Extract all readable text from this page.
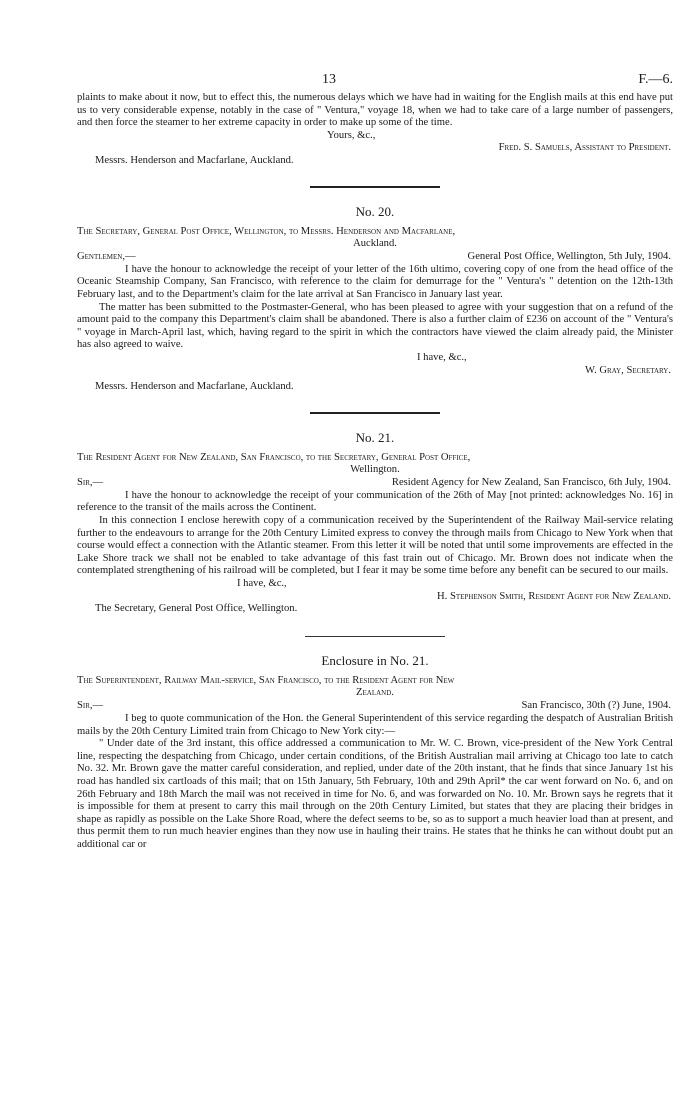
13	F.—6.

plaints to make about it now, but to effect this, the numerous delays which we have had in waiting for the English mails at this end have put us to very considerable expense, notably in the case of " Ventura," voyage 18, when we had to take care of a large number of passengers, and then force the steamer to her extreme capacity in order to make up some of the time.

Yours, &c.,

Fred. S. Samuels, Assistant to President.

Messrs. Henderson and Macfarlane, Auckland.

No. 20.

The Secretary, General Post Office, Wellington, to Messrs. Henderson and Macfarlane,

Auckland.

Gentlemen,—	General Post Office, Wellington, 5th July, 1904.

I have the honour to acknowledge the receipt of your letter of the 16th ultimo, covering copy of one from the head office of the Oceanic Steamship Company, San Francisco, with reference to the claim for demurrage for the " Ventura's " detention on the 12th-13th February last, and to the Department's claim for the late arrival at San Francisco in January last year.

The matter has been submitted to the Postmaster-General, who has been pleased to agree with your suggestion that on a refund of the amount paid to the company this Department's claim shall be abandoned. There is also a further claim of £236 on account of the " Ventura's " voyage in March-April last, which, having regard to the spirit in which the contractors have viewed the claim already paid, the Minister has also agreed to waive.

I have, &c.,

W. Gray, Secretary.

Messrs. Henderson and Macfarlane, Auckland.

No. 21.

The Resident Agent for New Zealand, San Francisco, to the Secretary, General Post Office,

Wellington.

Sir,—	Resident Agency for New Zealand, San Francisco, 6th July, 1904.

I have the honour to acknowledge the receipt of your communication of the 26th of May [not printed: acknowledges No. 16] in reference to the transit of the mails across the Continent.

In this connection I enclose herewith copy of a communication received by the Superintendent of the Railway Mail-service relating further to the endeavours to arrange for the 20th Century Limited express to convey the through mails from Chicago to New York when that course would effect a connection with the Atlantic steamer. From this letter it will be noted that until some improvements are effected in the Lake Shore track we shall not be enabled to take advantage of this fast train out of Chicago. Mr. Brown does not indicate when the contemplated strengthening of his railroad will be completed, but I fear it may be some time before any benefit can be secured to our mails.

I have, &c.,

H. Stephenson Smith, Resident Agent for New Zealand.

The Secretary, General Post Office, Wellington.

Enclosure in No. 21.

The Superintendent, Railway Mail-service, San Francisco, to the Resident Agent for New

Zealand.

Sir,—	San Francisco, 30th (?) June, 1904.

I beg to quote communication of the Hon. the General Superintendent of this service regarding the despatch of Australian British mails by the 20th Century Limited train from Chicago to New York city:—

" Under date of the 3rd instant, this office addressed a communication to Mr. W. C. Brown, vice-president of the New York Central line, respecting the despatching from Chicago, under certain conditions, of the British Australian mail arriving at Chicago too late to catch No. 32. Mr. Brown gave the matter careful consideration, and replied, under date of the 20th instant, that he finds that since January 1st his road has handled six cartloads of this mail; that on 15th January, 5th February, 10th and 29th April* the car went forward on No. 6, and on 26th February and 18th March the mail was not received in time for No. 6, and was forwarded on No. 10. Mr. Brown says he regrets that it is impossible for them at present to carry this mail through on the 20th Century Limited, but states that they are placing their bridges in shape as rapidly as possible on the Lake Shore Road, where the defect seems to be, so as to support a much heavier load than at present, and thus permit them to run much heavier engines than they now use in hauling their trains. He states that he thinks he can without doubt put an additional car or
